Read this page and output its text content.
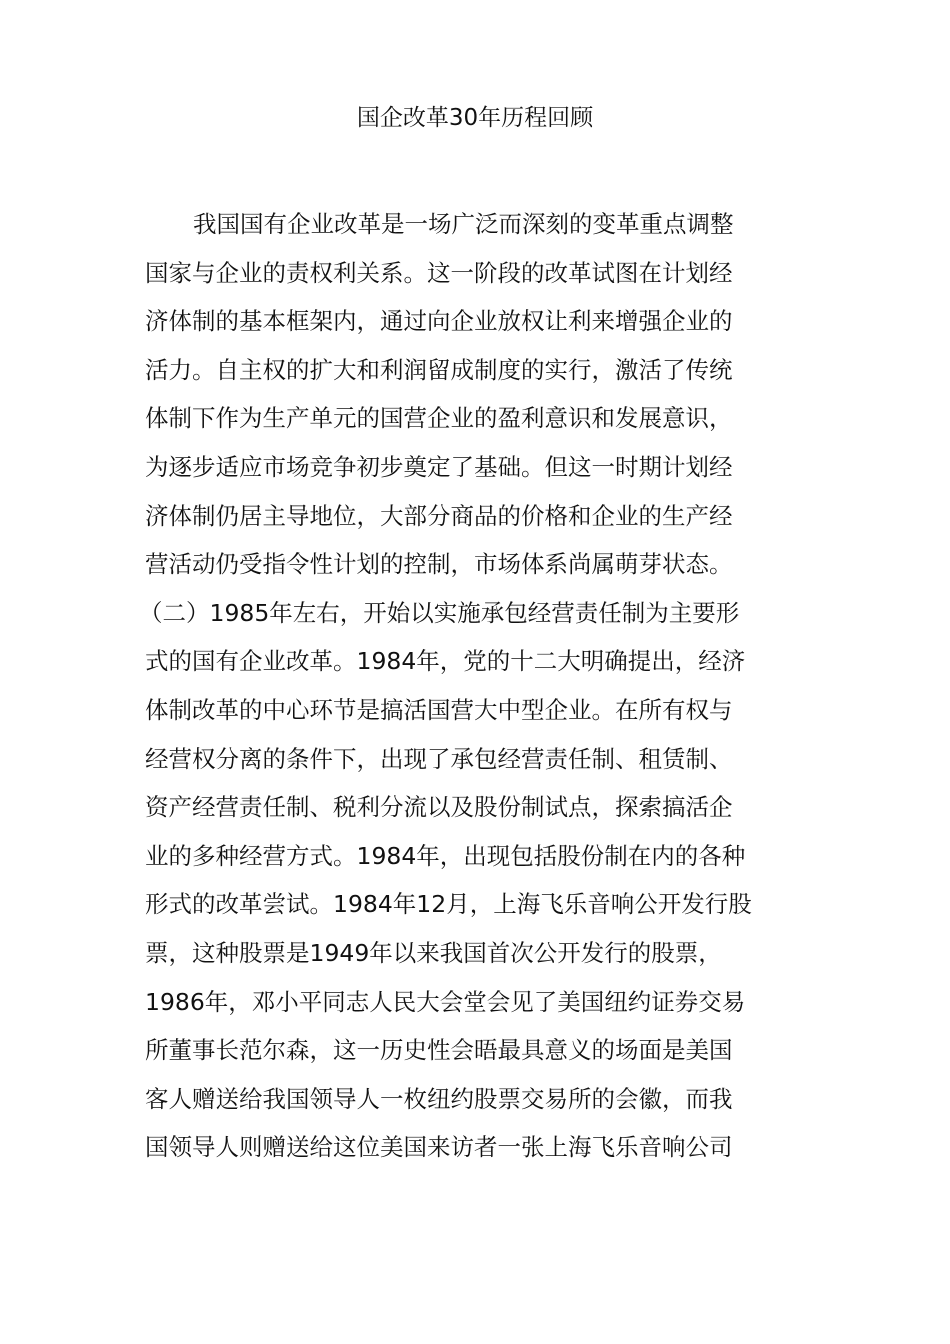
国企改革30年历程回顾
我国国有企业改革是一场广泛而深刻的变革重点调整
国家与企业的责权利关系。这一阶段的改革试图在计划经
济体制的基本框架内，通过向企业放权让利来增强企业的
活力。自主权的扩大和利润留成制度的实行，激活了传统
体制下作为生产单元的国营企业的盈利意识和发展意识，
为逐步适应市场竞争初步奠定了基础。但这一时期计划经
济体制仍居主导地位，大部分商品的价格和企业的生产经
营活动仍受指令性计划的控制，市场体系尚属萌芽状态。
（二）1985年左右，开始以实施承包经营责任制为主要形
式的国有企业改革。1984年，党的十二大明确提出，经济
体制改革的中心环节是搞活国营大中型企业。在所有权与
经营权分离的条件下，出现了承包经营责任制、租赁制、
资产经营责任制、税利分流以及股份制试点，探索搞活企
业的多种经营方式。1984年，出现包括股份制在内的各种
形式的改革尝试。1984年12月，上海飞乐音响公开发行股
票，这种股票是1949年以来我国首次公开发行的股票，
1986年，邓小平同志人民大会堂会见了美国纽约证券交易
所董事长范尔森，这一历史性会晤最具意义的场面是美国
客人赠送给我国领导人一枚纽约股票交易所的会徽，而我
国领导人则赠送给这位美国来访者一张上海飞乐音响公司
